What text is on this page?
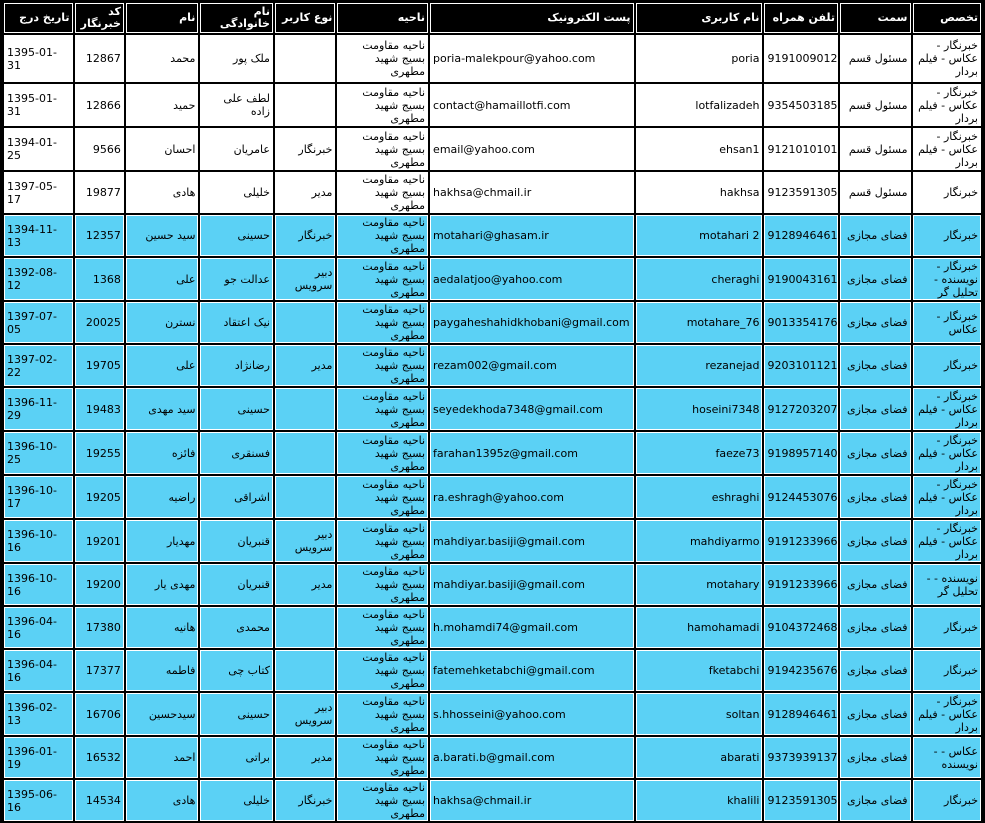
تخصص	سمت	تلفن همراه	نام کاربری	پست الکترونیک	ناحیه	نوع کاربر	نام خانوادگی	نام	کد خبرنگار	تاریخ درج
خبرنگار - عکاس - فیلم بردار	مسئول قسم	9191009012	poria	poria-malekpour@yahoo.com	ناحیه مقاومت بسیج شهید مطهری		ملک پور	محمد	12867	1395-01-31
خبرنگار - عکاس - فیلم بردار	مسئول قسم	9354503185	lotfalizadeh	contact@hamaillotfi.com	ناحیه مقاومت بسیج شهید مطهری		لطف علی زاده	حمید	12866	1395-01-31
خبرنگار - عکاس - فیلم بردار	مسئول قسم	9121010101	ehsan1	email@yahoo.com	ناحیه مقاومت بسیج شهید مطهری	خبرنگار	عامریان	احسان	9566	1394-01-25
خبرنگار	مسئول قسم	9123591305	hakhsa	hakhsa@chmail.ir	ناحیه مقاومت بسیج شهید مطهری	مدیر	خلیلی	هادی	19877	1397-05-17
خبرنگار	فضای مجازی	9128946461	motahari 2	motahari@ghasam.ir	ناحیه مقاومت بسیج شهید مطهری	خبرنگار	حسینی	سید حسین	12357	1394-11-13
خبرنگار - نویسنده - تحلیل گر	فضای مجازی	9190043161	cheraghi	aedalatjoo@yahoo.com	ناحیه مقاومت بسیج شهید مطهری	دبیر سرویس	عدالت جو	علی	1368	1392-08-12
خبرنگار - عکاس	فضای مجازی	9013354176	motahare_76	paygaheshahidkhobani@gmail.com	ناحیه مقاومت بسیج شهید مطهری		نیک اعتقاد	نسترن	20025	1397-07-05
خبرنگار	فضای مجازی	9203101121	rezanejad	rezam002@gmail.com	ناحیه مقاومت بسیج شهید مطهری	مدیر	رضانژاد	علی	19705	1397-02-22
خبرنگار - عکاس - فیلم بردار	فضای مجازی	9127203207	hoseini7348	seyedekhoda7348@gmail.com	ناحیه مقاومت بسیج شهید مطهری		حسینی	سید مهدی	19483	1396-11-29
خبرنگار - عکاس - فیلم بردار	فضای مجازی	9198957140	faeze73	farahan1395z@gmail.com	ناحیه مقاومت بسیج شهید مطهری		فسنقری	فائزه	19255	1396-10-25
خبرنگار - عکاس - فیلم بردار	فضای مجازی	9124453076	eshraghi	ra.eshragh@yahoo.com	ناحیه مقاومت بسیج شهید مطهری		اشراقی	راضیه	19205	1396-10-17
خبرنگار - عکاس - فیلم بردار	فضای مجازی	9191233966	mahdiyarmo	mahdiyar.basiji@gmail.com	ناحیه مقاومت بسیج شهید مطهری	دبیر سرویس	قنبریان	مهدیار	19201	1396-10-16
نویسنده - - تحلیل گر	فضای مجازی	9191233966	motahary	mahdiyar.basiji@gmail.com	ناحیه مقاومت بسیج شهید مطهری	مدیر	قنبریان	مهدی یار	19200	1396-10-16
خبرنگار	فضای مجازی	9104372468	hamohamadi	h.mohamdi74@gmail.com	ناحیه مقاومت بسیج شهید مطهری		محمدی	هانیه	17380	1396-04-16
خبرنگار	فضای مجازی	9194235676	fketabchi	fatemehketabchi@gmail.com	ناحیه مقاومت بسیج شهید مطهری		کتاب چی	فاطمه	17377	1396-04-16
خبرنگار - عکاس - فیلم بردار	فضای مجازی	9128946461	soltan	s.hhosseini@yahoo.com	ناحیه مقاومت بسیج شهید مطهری	دبیر سرویس	حسینی	سیدحسین	16706	1396-02-13
عکاس - - نویسنده	فضای مجازی	9373939137	abarati	a.barati.b@gmail.com	ناحیه مقاومت بسیج شهید مطهری	مدیر	براتی	احمد	16532	1396-01-19
خبرنگار	فضای مجازی	9123591305	khalili	hakhsa@chmail.ir	ناحیه مقاومت بسیج شهید مطهری	خبرنگار	خلیلی	هادی	14534	1395-06-16
